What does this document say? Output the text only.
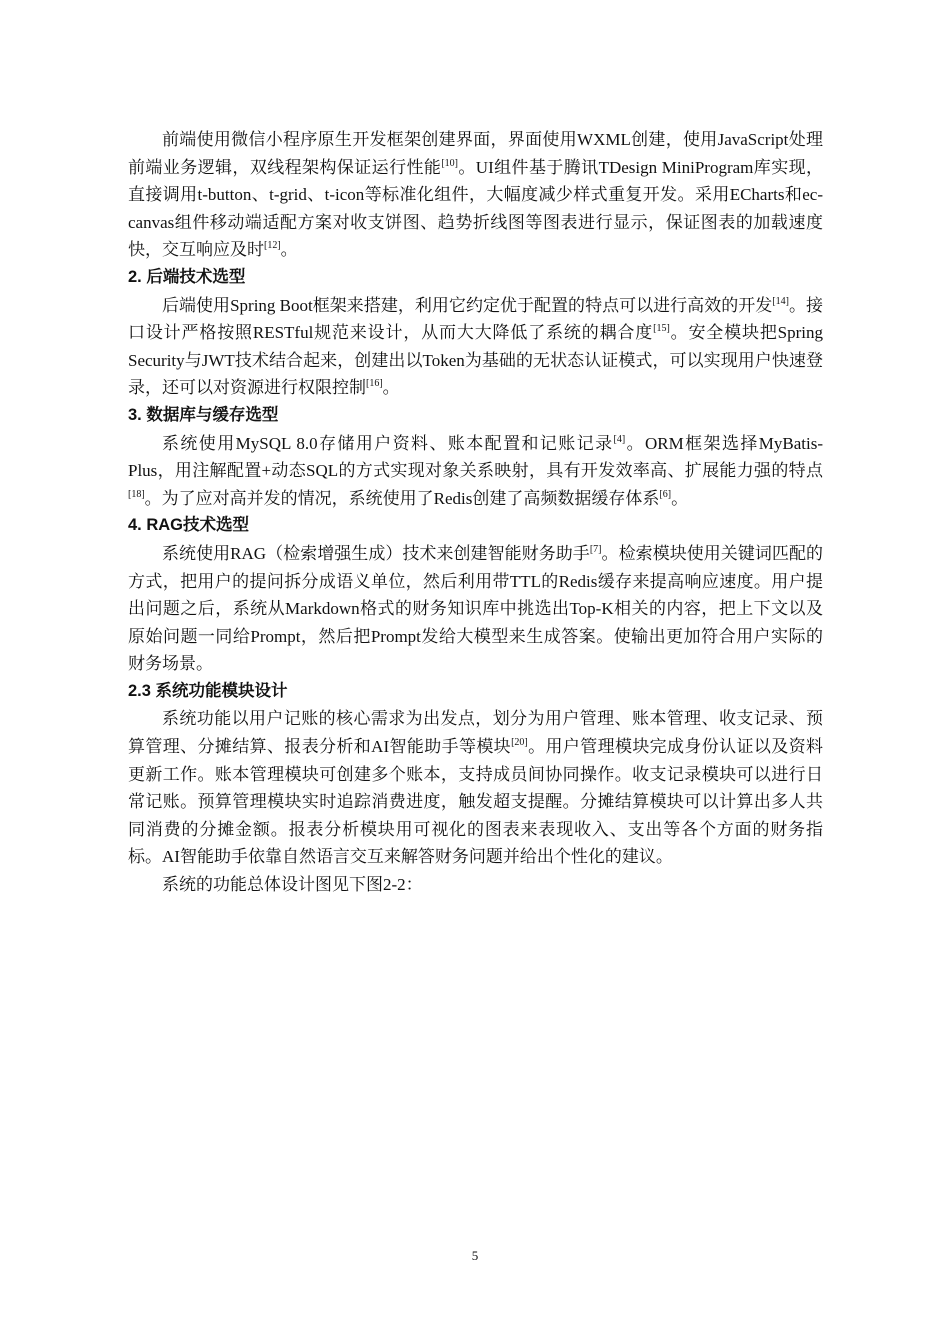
前端使用微信小程序原生开发框架创建界面，界面使用WXML创建，使用JavaScript处理前端业务逻辑，双线程架构保证运行性能[10]。UI组件基于腾讯TDesign MiniProgram库实现，直接调用t-button、t-grid、t-icon等标准化组件，大幅度减少样式重复开发。采用ECharts和ec-canvas组件移动端适配方案对收支饼图、趋势折线图等图表进行显示，保证图表的加载速度快，交互响应及时[12]。

2. 后端技术选型

后端使用Spring Boot框架来搭建，利用它约定优于配置的特点可以进行高效的开发[14]。接口设计严格按照RESTful规范来设计，从而大大降低了系统的耦合度[15]。安全模块把Spring Security与JWT技术结合起来，创建出以Token为基础的无状态认证模式，可以实现用户快速登录，还可以对资源进行权限控制[16]。

3. 数据库与缓存选型

系统使用MySQL 8.0存储用户资料、账本配置和记账记录[4]。ORM框架选择MyBatis-Plus，用注解配置+动态SQL的方式实现对象关系映射，具有开发效率高、扩展能力强的特点[18]。为了应对高并发的情况，系统使用了Redis创建了高频数据缓存体系[6]。

4. RAG技术选型

系统使用RAG（检索增强生成）技术来创建智能财务助手[7]。检索模块使用关键词匹配的方式，把用户的提问拆分成语义单位，然后利用带TTL的Redis缓存来提高响应速度。用户提出问题之后，系统从Markdown格式的财务知识库中挑选出Top-K相关的内容，把上下文以及原始问题一同给Prompt，然后把Prompt发给大模型来生成答案。使输出更加符合用户实际的财务场景。

2.3 系统功能模块设计

系统功能以用户记账的核心需求为出发点，划分为用户管理、账本管理、收支记录、预算管理、分摊结算、报表分析和AI智能助手等模块[20]。用户管理模块完成身份认证以及资料更新工作。账本管理模块可创建多个账本，支持成员间协同操作。收支记录模块可以进行日常记账。预算管理模块实时追踪消费进度，触发超支提醒。分摊结算模块可以计算出多人共同消费的分摊金额。报表分析模块用可视化的图表来表现收入、支出等各个方面的财务指标。AI智能助手依靠自然语言交互来解答财务问题并给出个性化的建议。

系统的功能总体设计图见下图2-2：

5
